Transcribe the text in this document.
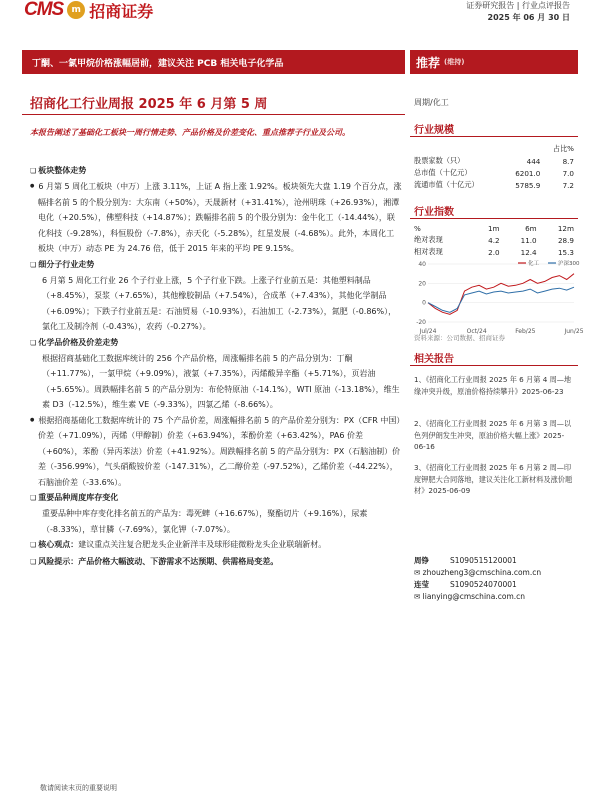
CMS m 招商证券	证券研究报告 | 行业点评报告
2025 年 06 月 30 日
丁酮、一氯甲烷价格涨幅居前，建议关注 PCB 相关电子化学品	推荐 (维持)
招商化工行业周报 2025 年 6 月第 5 周	周期/化工
本报告阐述了基础化工板块一周行情走势、产品价格及价差变化、重点推荐子行业及公司。
❏ 板块整体走势
● 6 月第 5 周化工板块（中万）上涨 3.11%，上证 A 指上涨 1.92%。板块领先大盘 1.19 个百分点，涨幅排名前 5 的个股分别为：大东南（+50%），天晟新材（+31.41%），沧州明珠（+26.93%），湘潭电化（+20.5%），佛塑科技（+14.87%）；跌幅排名前 5 的个股分别为：金牛化工（-14.44%），联化科技（-9.28%），科恒股份（-7.8%），赤天化（-5.28%），红星发展（-4.68%）。此外，本周化工板块（中万）动态 PE 为 24.76 倍，低于 2015 年来的平均 PE 9.15%。
❏ 细分子行业走势
6 月第 5 周化工行业 26 个子行业上涨，5 个子行业下跌。上涨子行业前五是：其他塑料制品（+8.45%），泵浆（+7.65%），其他橡胶制品（+7.54%），合成革（+7.43%），其他化学制品（+6.09%）；下跌子行业前五是：石油贸易（-10.93%），石油加工（-2.73%），氮肥（-0.86%），氯化工及制冷剂（-0.43%），农药（-0.27%）。
❏ 化学品价格及价差走势
根据招商基础化工数据库统计的 256 个产品价格，周涨幅排名前 5 的产品分别为：丁酮（+11.77%），一氯甲烷（+9.09%），液氯（+7.35%），丙烯酸异辛酯（+5.71%），页岩油（+5.65%）。周跌幅排名前 5 的产品分别为：布伦特原油（-14.1%），WTI 原油（-13.18%），维生素 D3（-12.5%），维生素 VE（-9.33%），四氯乙烯（-8.66%）。
● 根据招商基础化工数据库统计的 75 个产品价差，周涨幅排名前 5 的产品价差分别为：PX（CFR 中国）价差（+71.09%），丙烯（甲醇制）价差（+63.94%），苯酚价差（+63.42%），PA6 价差（+60%），苯酚（异丙苯法）价差（+41.92%）。周跌幅排名前 5 的产品分别为：PX（石脑油制）价差（-356.99%），气头硝酸铵价差（-147.31%），乙二醇价差（-97.52%），乙烯价差（-44.22%），石脑油价差（-33.6%）。
❏ 重要品种周度库存变化
重要品种中库存变化排名前五的产品为：毒死蜱（+16.67%），聚酯切片（+9.16%），尿素（-8.33%），草甘膦（-7.69%），氯化钾（-7.07%）。
❏ 核心观点：建议重点关注复合肥龙头企业新洋丰及球形硅微粉龙头企业联瑞新材。
❏ 风险提示：产品价格大幅波动、下游需求不达预期、供需格局变差。
行业规模
		占比%
股票家数（只）	444	8.7
总市值（十亿元）	6201.0	7.0
流通市值（十亿元）	5785.9	7.2
行业指数
%	1m	6m	12m
绝对表现	4.2	11.0	28.9
相对表现	2.0	12.4	15.3
40
20
0
-20
Jul/24	Oct/24	Feb/25	Jun/25
化工	沪深300
资料来源：公司数据、招商证券
相关报告
1、《招商化工行业周报 2025 年 6 月第 4 周—地缘冲突升级，原油价格持续攀升》2025-06-23
2、《招商化工行业周报 2025 年 6 月第 3 周—以色列伊朗发生冲突，原油价格大幅上涨》2025-06-16
3、《招商化工行业周报 2025 年 6 月第 2 周—印度钾肥大合同落地，建议关注化工新材料及涨价题材》2025-06-09
周铮	S1090515120001
✉ zhouzheng3@cmschina.com.cn
连莹	S1090524070001
✉ lianying@cmschina.com.cn
敬请阅读末页的重要说明
